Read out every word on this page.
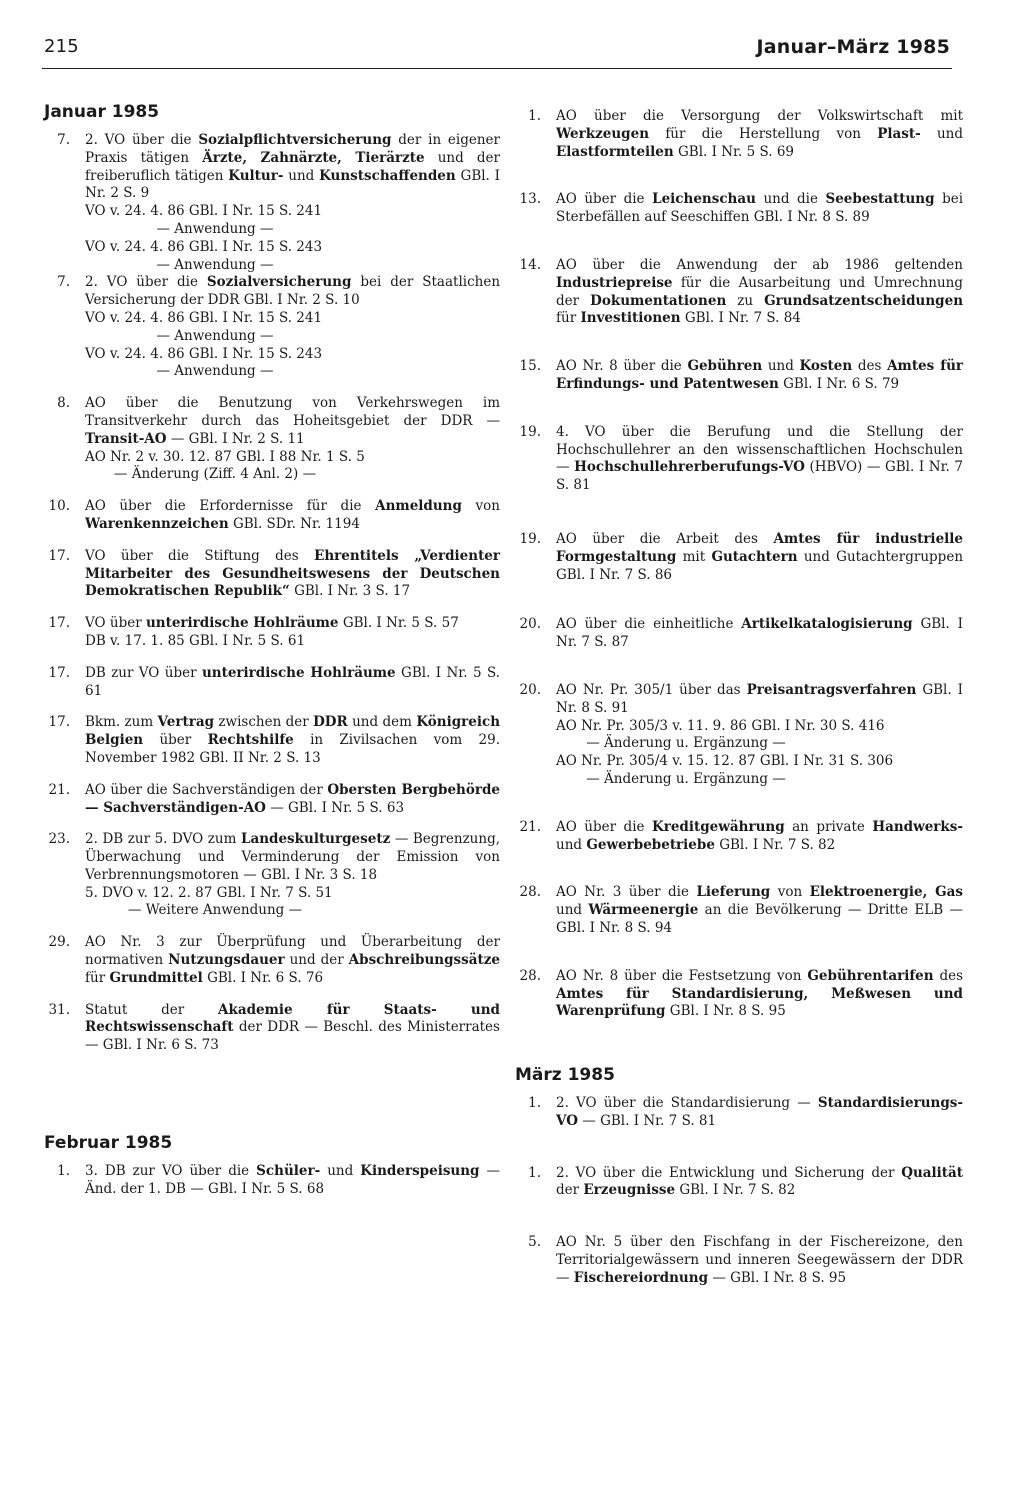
215	Januar–März 1985
Januar 1985
7. 2. VO über die Sozialpflichtversicherung der in eigener Praxis tätigen Ärzte, Zahnärzte, Tierärzte und der freiberuflich tätigen Kultur- und Kunstschaffenden GBl. I Nr. 2 S. 9
VO v. 24. 4. 86 GBl. I Nr. 15 S. 241
— Anwendung —
VO v. 24. 4. 86 GBl. I Nr. 15 S. 243
— Anwendung —
7. 2. VO über die Sozialversicherung bei der Staatlichen Versicherung der DDR GBl. I Nr. 2 S. 10
VO v. 24. 4. 86 GBl. I Nr. 15 S. 241
— Anwendung —
VO v. 24. 4. 86 GBl. I Nr. 15 S. 243
— Anwendung —
8. AO über die Benutzung von Verkehrswegen im Transitverkehr durch das Hoheitsgebiet der DDR — Transit-AO — GBl. I Nr. 2 S. 11
AO Nr. 2 v. 30. 12. 87 GBl. I 88 Nr. 1 S. 5
— Änderung (Ziff. 4 Anl. 2) —
10. AO über die Erfordernisse für die Anmeldung von Warenkennzeichen GBl. SDr. Nr. 1194
17. VO über die Stiftung des Ehrentitels „Verdienter Mitarbeiter des Gesundheitswesens der Deutschen Demokratischen Republik“ GBl. I Nr. 3 S. 17
17. VO über unterirdische Hohlräume GBl. I Nr. 5 S. 57
DB v. 17. 1. 85 GBl. I Nr. 5 S. 61
17. DB zur VO über unterirdische Hohlräume GBl. I Nr. 5 S. 61
17. Bkm. zum Vertrag zwischen der DDR und dem Königreich Belgien über Rechtshilfe in Zivilsachen vom 29. November 1982 GBl. II Nr. 2 S. 13
21. AO über die Sachverständigen der Obersten Bergbehörde — Sachverständigen-AO — GBl. I Nr. 5 S. 63
23. 2. DB zur 5. DVO zum Landeskulturgesetz — Begrenzung, Überwachung und Verminderung der Emission von Verbrennungsmotoren — GBl. I Nr. 3 S. 18
5. DVO v. 12. 2. 87 GBl. I Nr. 7 S. 51
— Weitere Anwendung —
29. AO Nr. 3 zur Überprüfung und Überarbeitung der normativen Nutzungsdauer und der Abschreibungssätze für Grundmittel GBl. I Nr. 6 S. 76
31. Statut der	Akademie für Staats- und Rechtswissenschaft der DDR — Beschl. des Ministerrates — GBl. I Nr. 6 S. 73
Februar 1985
1. 3. DB zur VO über die Schüler- und Kinderspeisung — Änd. der 1. DB — GBl. I Nr. 5 S. 68
1. AO über die Versorgung der Volkswirtschaft mit Werkzeugen für die Herstellung von Plast- und Elastformteilen GBl. I Nr. 5 S. 69
13. AO über die Leichenschau und die Seebestattung bei Sterbefällen auf Seeschiffen GBl. I Nr. 8 S. 89
14. AO über die Anwendung der ab 1986 geltenden Industriepreise für die Ausarbeitung und Umrechnung der Dokumentationen zu Grundsatzentscheidungen für Investitionen GBl. I Nr. 7 S. 84
15. AO Nr. 8 über die Gebühren und Kosten des Amtes für Erfindungs- und Patentwesen GBl. I Nr. 6 S. 79
19. 4. VO über die Berufung und die Stellung der Hochschullehrer an den wissenschaftlichen Hochschulen — Hochschullehrerberufungs-VO (HBVO) — GBl. I Nr. 7 S. 81
19. AO über die Arbeit des Amtes für industrielle Formgestaltung mit Gutachtern und Gutachtergruppen GBl. I Nr. 7 S. 86
20. AO über die einheitliche Artikelkatalogisierung GBl. I Nr. 7 S. 87
20. AO Nr. Pr. 305/1 über das Preisantragsverfahren GBl. I Nr. 8 S. 91
AO Nr. Pr. 305/3 v. 11. 9. 86 GBl. I Nr. 30 S. 416
— Änderung u. Ergänzung —
AO Nr. Pr. 305/4 v. 15. 12. 87 GBl. I Nr. 31 S. 306
— Änderung u. Ergänzung —
21. AO über die Kreditgewährung an private Handwerks- und Gewerbebetriebe GBl. I Nr. 7 S. 82
28. AO Nr. 3 über die Lieferung von Elektroenergie, Gas und Wärmeenergie an die Bevölkerung — Dritte ELB — GBl. I Nr. 8 S. 94
28. AO Nr. 8 über die Festsetzung von Gebührentarifen des Amtes für Standardisierung, Meßwesen und Warenprüfung GBl. I Nr. 8 S. 95
März 1985
1. 2. VO über die Standardisierung — Standardisierungs-VO — GBl. I Nr. 7 S. 81
1. 2. VO über die Entwicklung und Sicherung der Qualität der Erzeugnisse GBl. I Nr. 7 S. 82
5. AO Nr. 5 über den Fischfang in der Fischereizone, den Territorialgewässern und inneren Seegewässern der DDR — Fischereiordnung — GBl. I Nr. 8 S. 95
